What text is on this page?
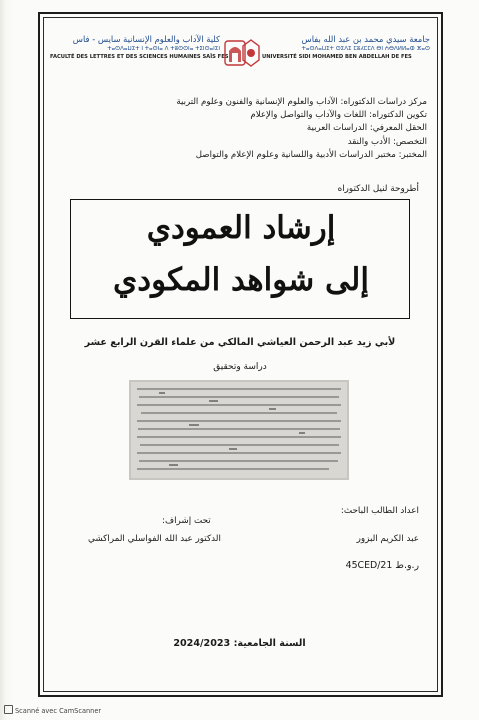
كلية الآداب والعلوم الإنسانية سايس - فاس
ⵜⴰⵙⴷⴰⵡⵉⵜ ⵏ ⵜⴰⵙⵏⴰ ⴷ ⵜⵓⵙⵙⵏⴰ ⵜⵉⵏⵙⴰⵏⵉⵏ
FACULTÉ DES LETTRES ET DES SCIENCES HUMAINES SAÏS FES
جامعة سيدي محمد بن عبد الله بفاس
ⵜⴰⵙⴷⴰⵡⵉⵜ ⵙⵉⴷⵉ ⵎⵓⵃⵎⵎⴷ ⴱⵏ ⵄⴱⴷⵍⵍⴰⵀ ⴼⴰⵙ
UNIVERSITÉ SIDI MOHAMED BEN ABDELLAH DE FES
مركز دراسات الدكتوراه: الآداب والعلوم الإنسانية والفنون وعلوم التربية
تكوين الدكتوراه: اللغات والآداب والتواصل والإعلام
الحقل المعرفي: الدراسات العربية
التخصص: الأدب والنقد
المختبر: مختبر الدراسات الأدبية واللسانية وعلوم الإعلام والتواصل
أطروحة لنيل الدكتوراه
إرشاد العمودي
إلى شواهد المكودي
لأبي زيد عبد الرحمن العياشي المالكي من علماء القرن الرابع عشر
دراسة وتحقيق
اعداد الطالب الباحث:
تحت إشراف:
عبد الكريم البزور
الدكتور عبد الله الفواسلي المراكشي
ر.و.ط 45CED/21
السنة الجامعية: 2024/2023
Scanné avec CamScanner
